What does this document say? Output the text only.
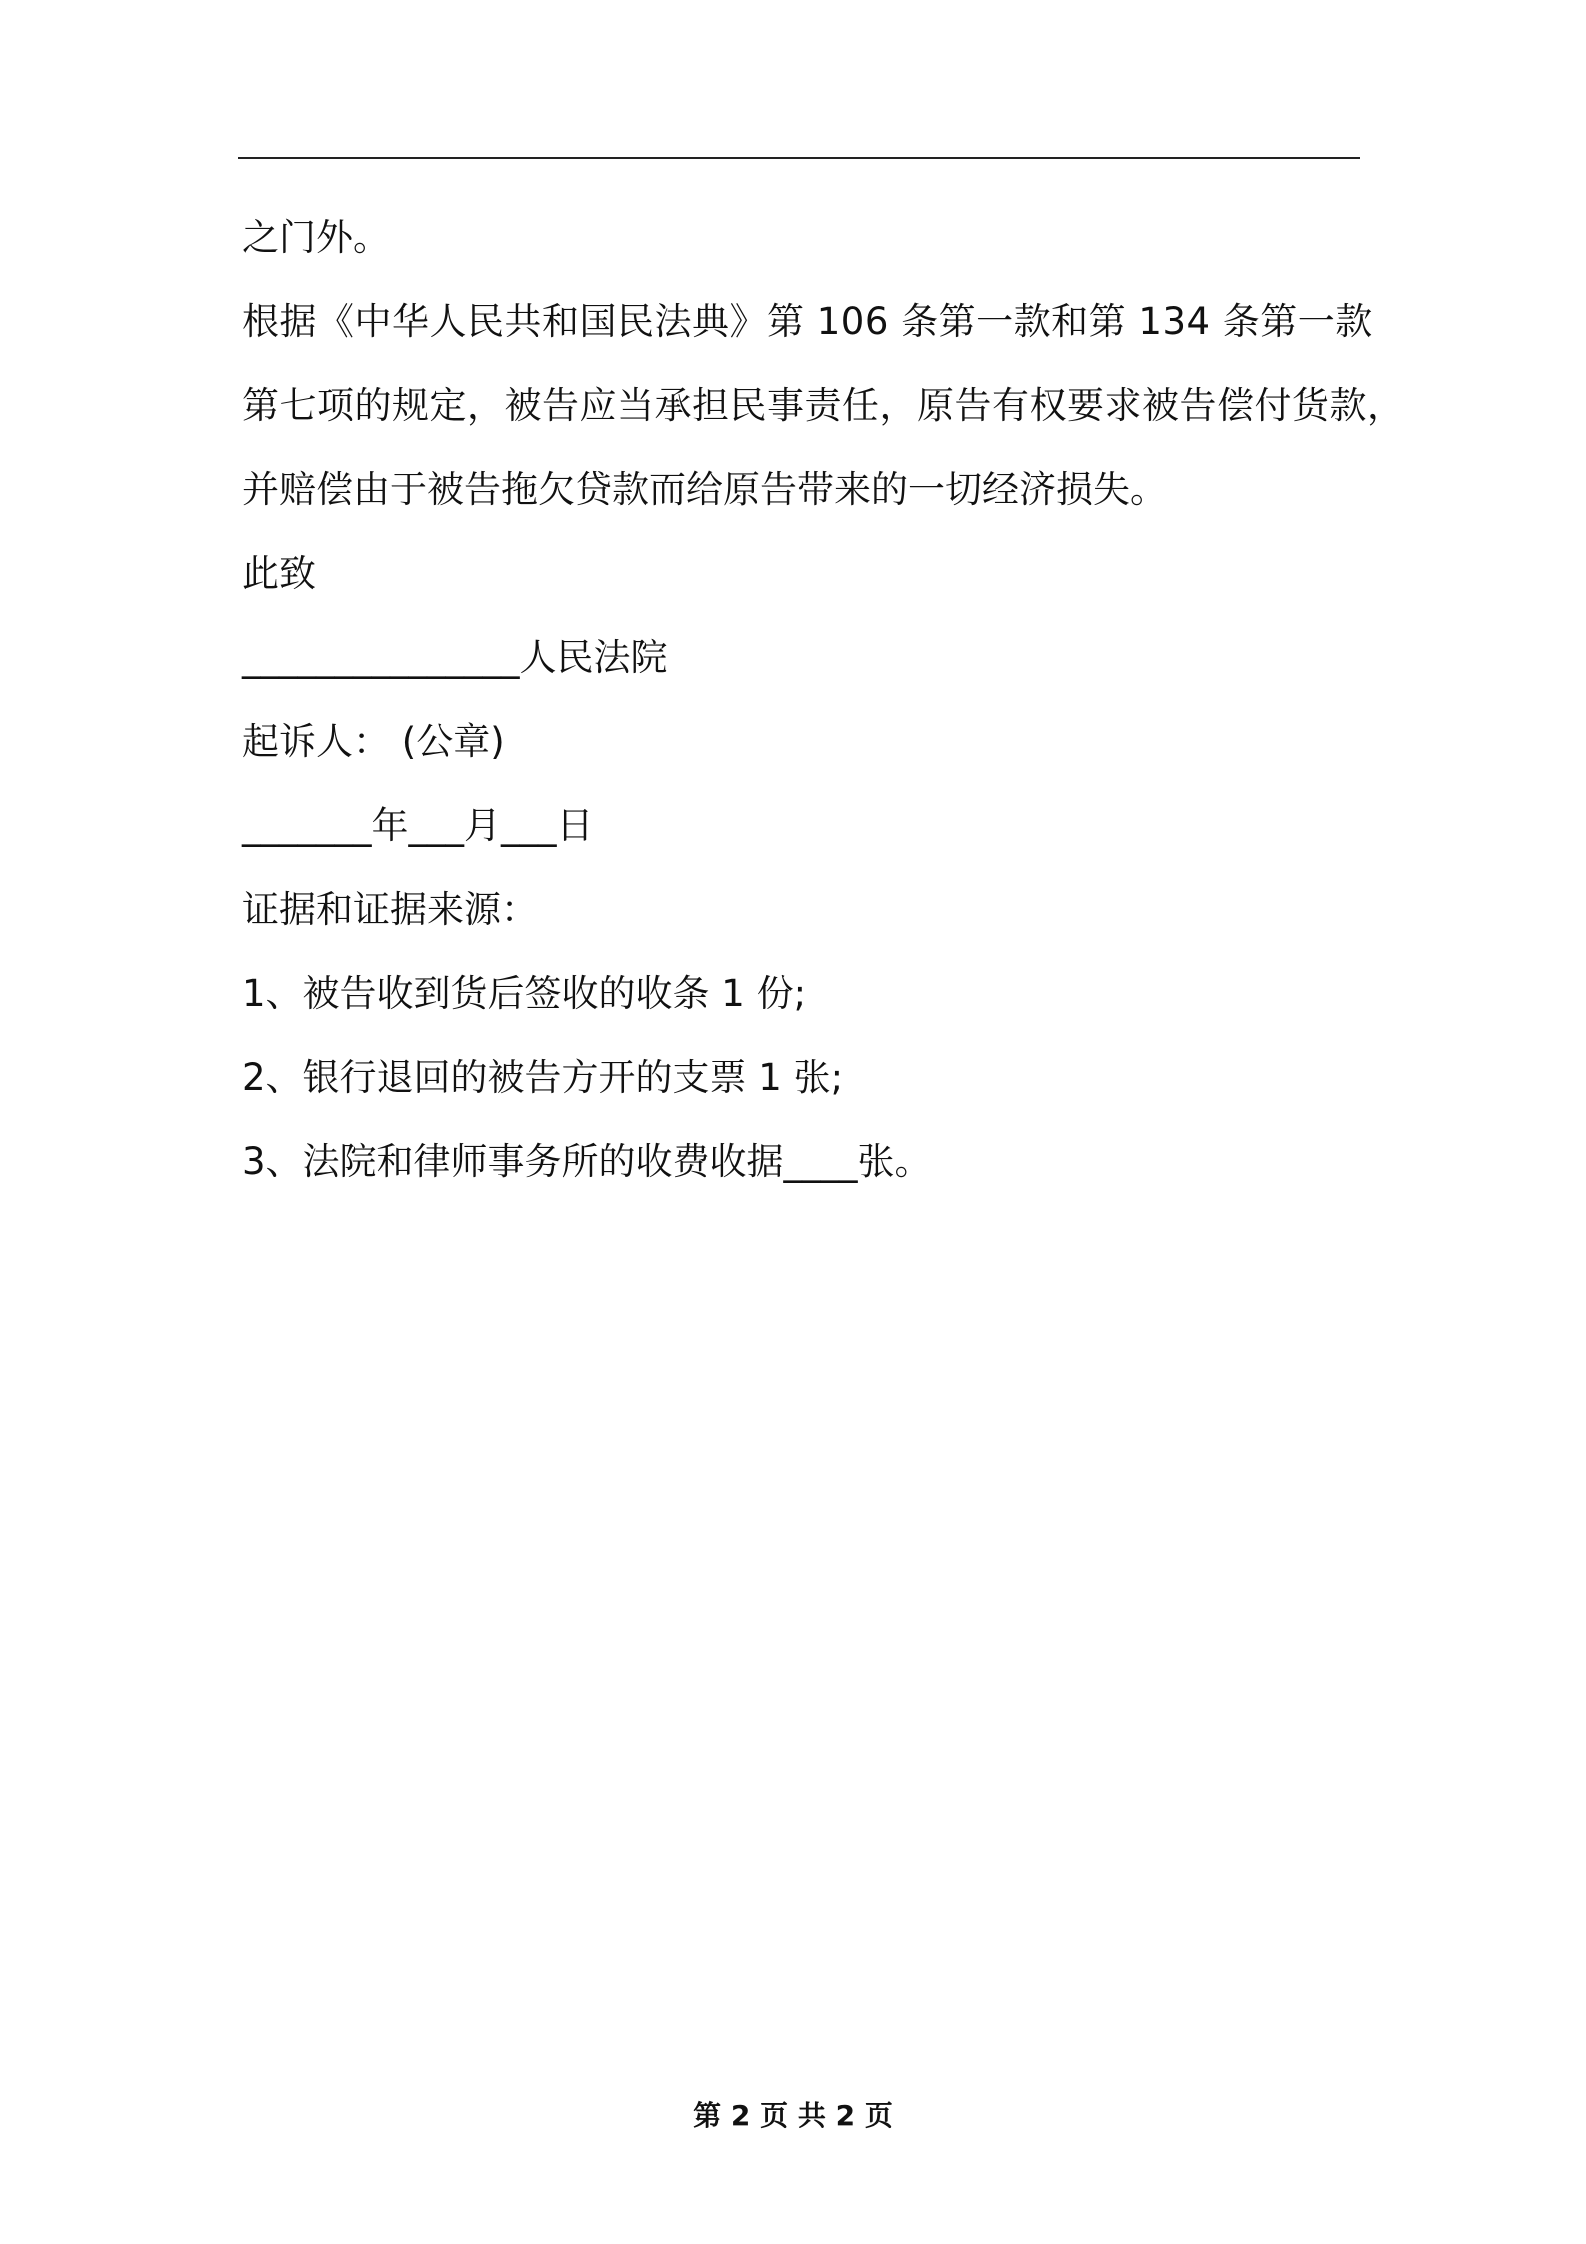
之门外。
根据《中华人民共和国民法典》第 106 条第一款和第 134 条第一款
第七项的规定，被告应当承担民事责任，原告有权要求被告偿付货款，
并赔偿由于被告拖欠贷款而给原告带来的一切经济损失。
此致
_______________人民法院
起诉人： (公章)
_______年___月___日
证据和证据来源：
1、被告收到货后签收的收条 1 份;
2、银行退回的被告方开的支票 1 张;
3、法院和律师事务所的收费收据____张。
第 2 页 共 2 页
